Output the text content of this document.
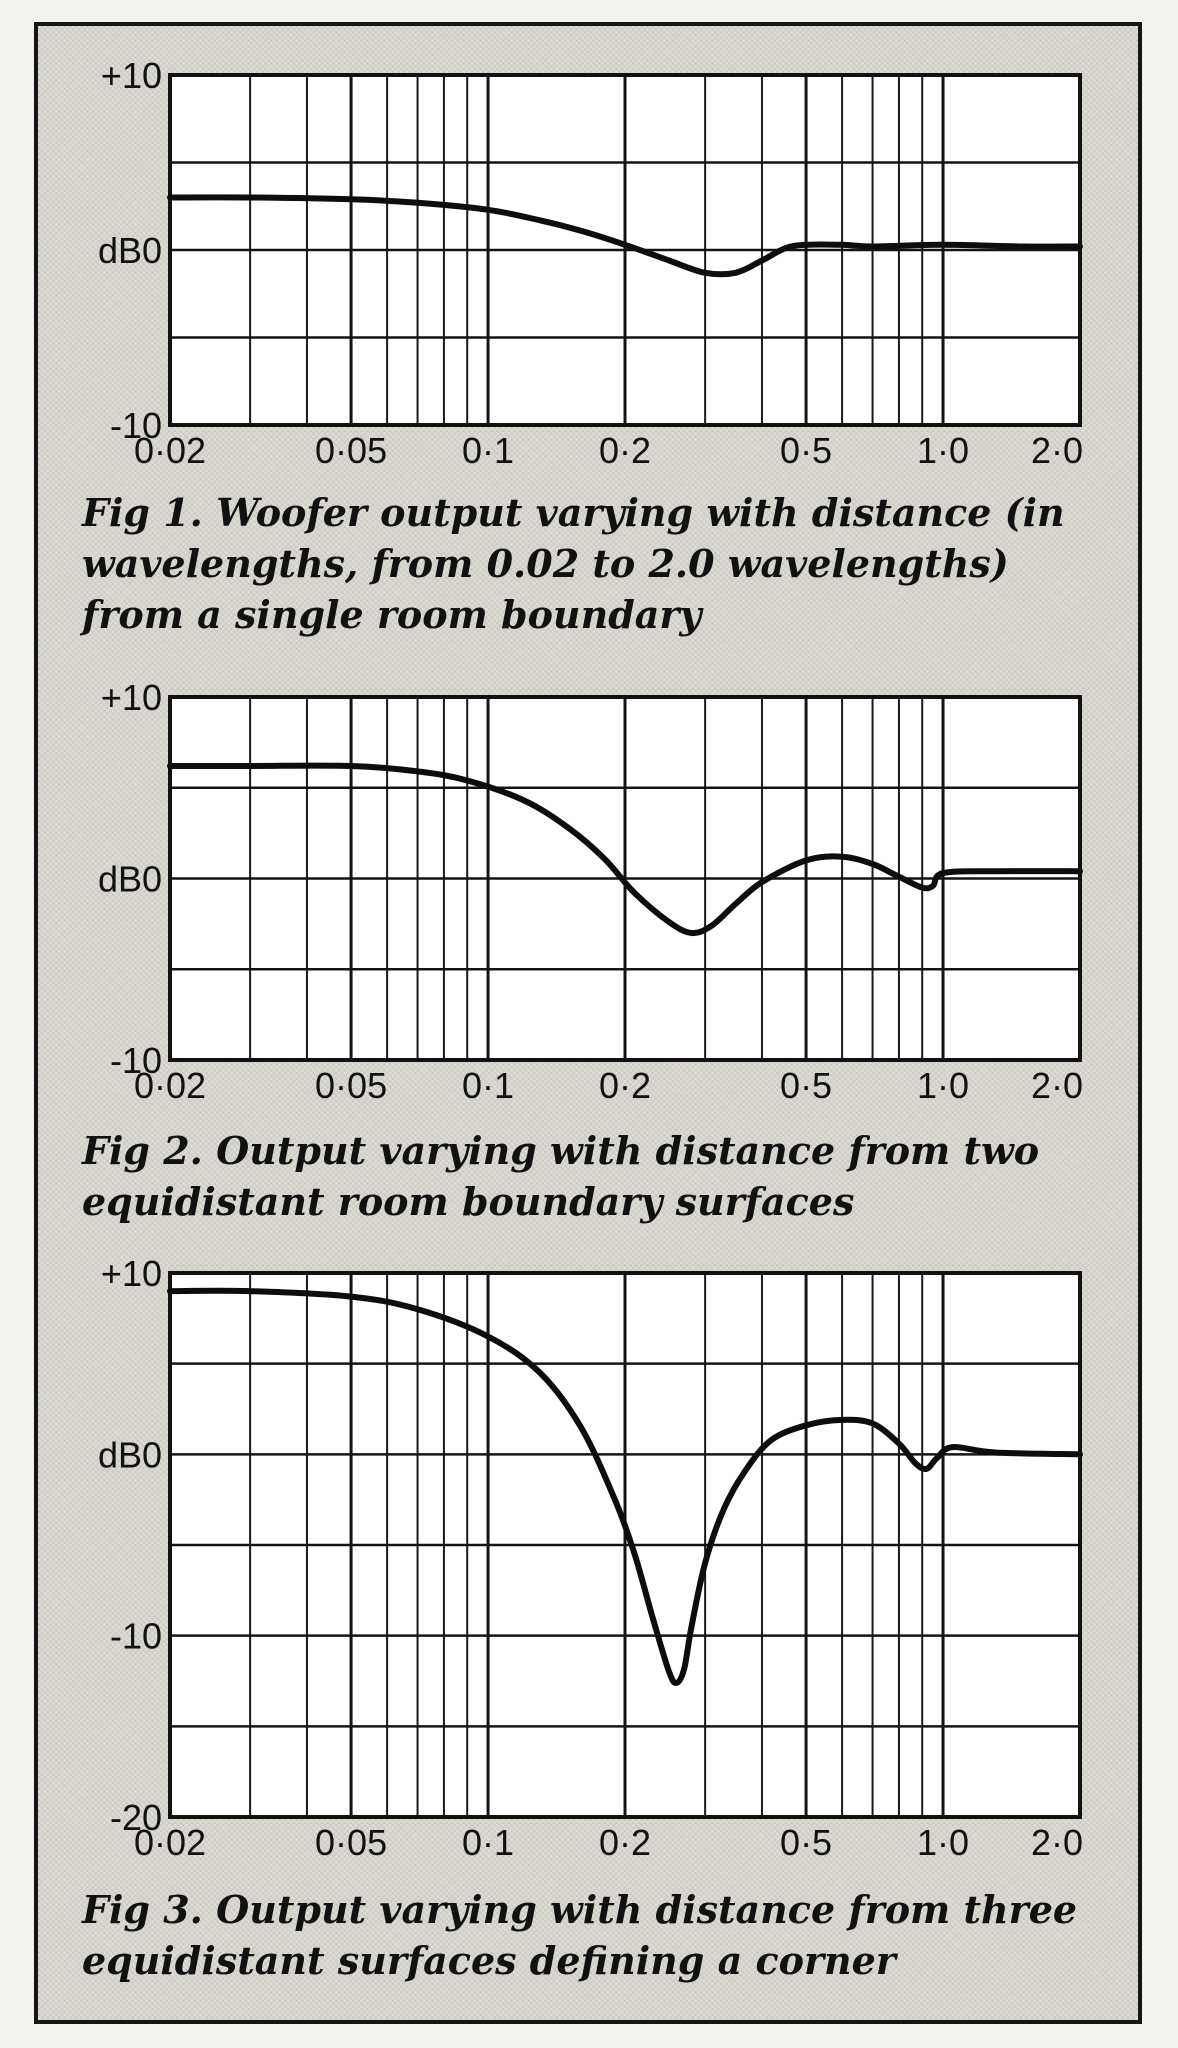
+10
dB0
-10
0·02	0·05 0·1 0·2	0·5 1·0 2·0
+10
dB0
-10
0·02	0·05 0·1 0·2	0·5 1·0 2·0
+10
dB0
-10
-20
0·02	0·05 0·1 0·2	0·5 1·0 2·0

Fig 1. Woofer output varying with distance (in
wavelengths, from 0.02 to 2.0 wavelengths)
from a single room boundary

Fig 2. Output varying with distance from two
equidistant room boundary surfaces

Fig 3. Output varying with distance from three
equidistant surfaces defining a corner
